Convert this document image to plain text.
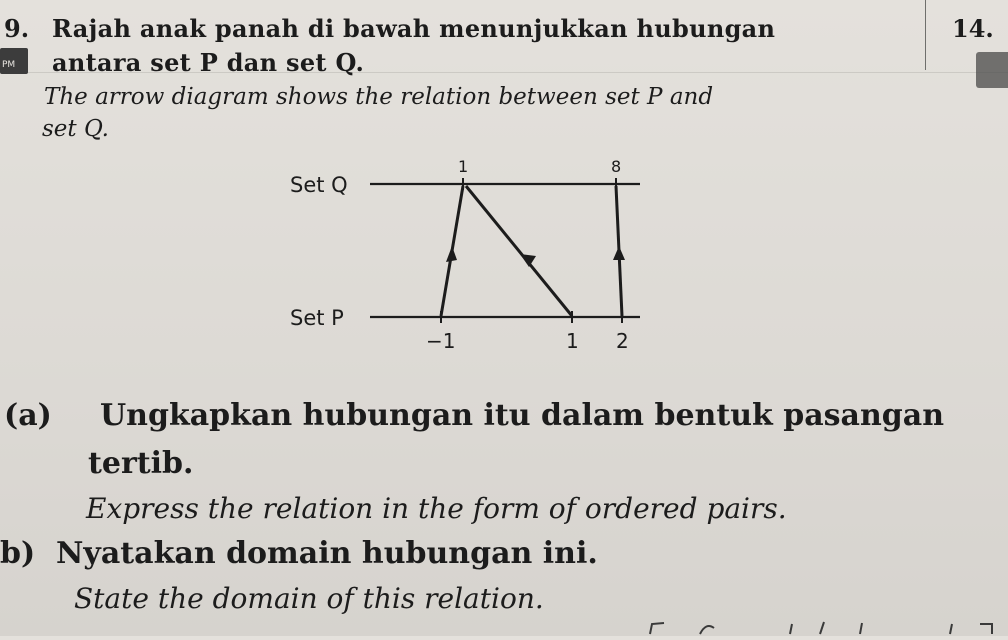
PM
9. Rajah anak panah di bawah menunjukkan hubungan
antara set P dan set Q.
14.
The arrow diagram shows the relation between set P and
set Q.
Set Q
Set P
1	8
−1	1 2
(a) Ungkapkan hubungan itu dalam bentuk pasangan
tertib.
Express the relation in the form of ordered pairs.
b) Nyatakan domain hubungan ini.
State the domain of this relation.
